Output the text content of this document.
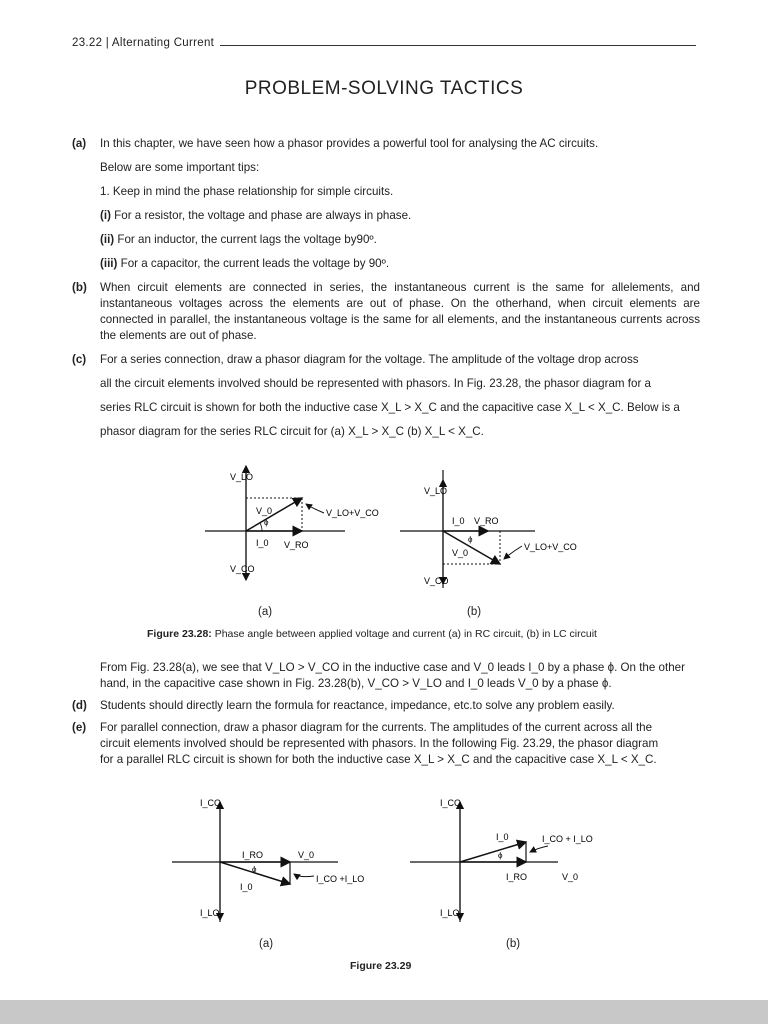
23.22 | Alternating Current
PROBLEM-SOLVING TACTICS
(a) In this chapter, we have seen how a phasor provides a powerful tool for analysing the AC circuits.
Below are some important tips:
1. Keep in mind the phase relationship for simple circuits.
(i) For a resistor, the voltage and phase are always in phase.
(ii) For an inductor, the current lags the voltage by90º.
(iii) For a capacitor, the current leads the voltage by 90º.
(b) When circuit elements are connected in series, the instantaneous current is the same for allelements, and instantaneous voltages across the elements are out of phase. On the otherhand, when circuit elements are connected in parallel, the instantaneous voltage is the same for all elements, and the instantaneous currents across the elements are out of phase.
(c) For a series connection, draw a phasor diagram for the voltage. The amplitude of the voltage drop across
all the circuit elements involved should be represented with phasors. In Fig. 23.28, the phasor diagram for a
series RLC circuit is shown for both the inductive case X_L > X_C and the capacitive case X_L < X_C. Below is a
phasor diagram for the series RLC circuit for (a) X_L > X_C (b) X_L < X_C.
V_LO
V_CO
V_0
ϕ
I_0 V_RO
V_LO+V_CO
V_LO
V_CO
I_0 V_RO
ϕ
V_0
V_LO+V_CO
(a)	(b)
Figure 23.28: Phase angle between applied voltage and current (a) in RC circuit, (b) in LC circuit
From Fig. 23.28(a), we see that V_LO > V_CO in the inductive case and V_0 leads I_0 by a phase ϕ. On the other
hand, in the capacitive case shown in Fig. 23.28(b), V_CO > V_LO and I_0 leads V_0 by a phase ϕ.
(d) Students should directly learn the formula for reactance, impedance, etc.to solve any problem easily.
(e) For parallel connection, draw a phasor diagram for the currents. The amplitudes of the current across all the
circuit elements involved should be represented with phasors. In the following Fig. 23.29, the phasor diagram
for a parallel RLC circuit is shown for both the inductive case X_L > X_C and the capacitive case X_L < X_C.
I_CO
I_LO
I_RO	V_0
ϕ
I_0
I_CO +I_LO
I_CO
I_LO
I_0
ϕ
I_RO	V_0
I_CO + I_LO
(a)	(b)
Figure 23.29
